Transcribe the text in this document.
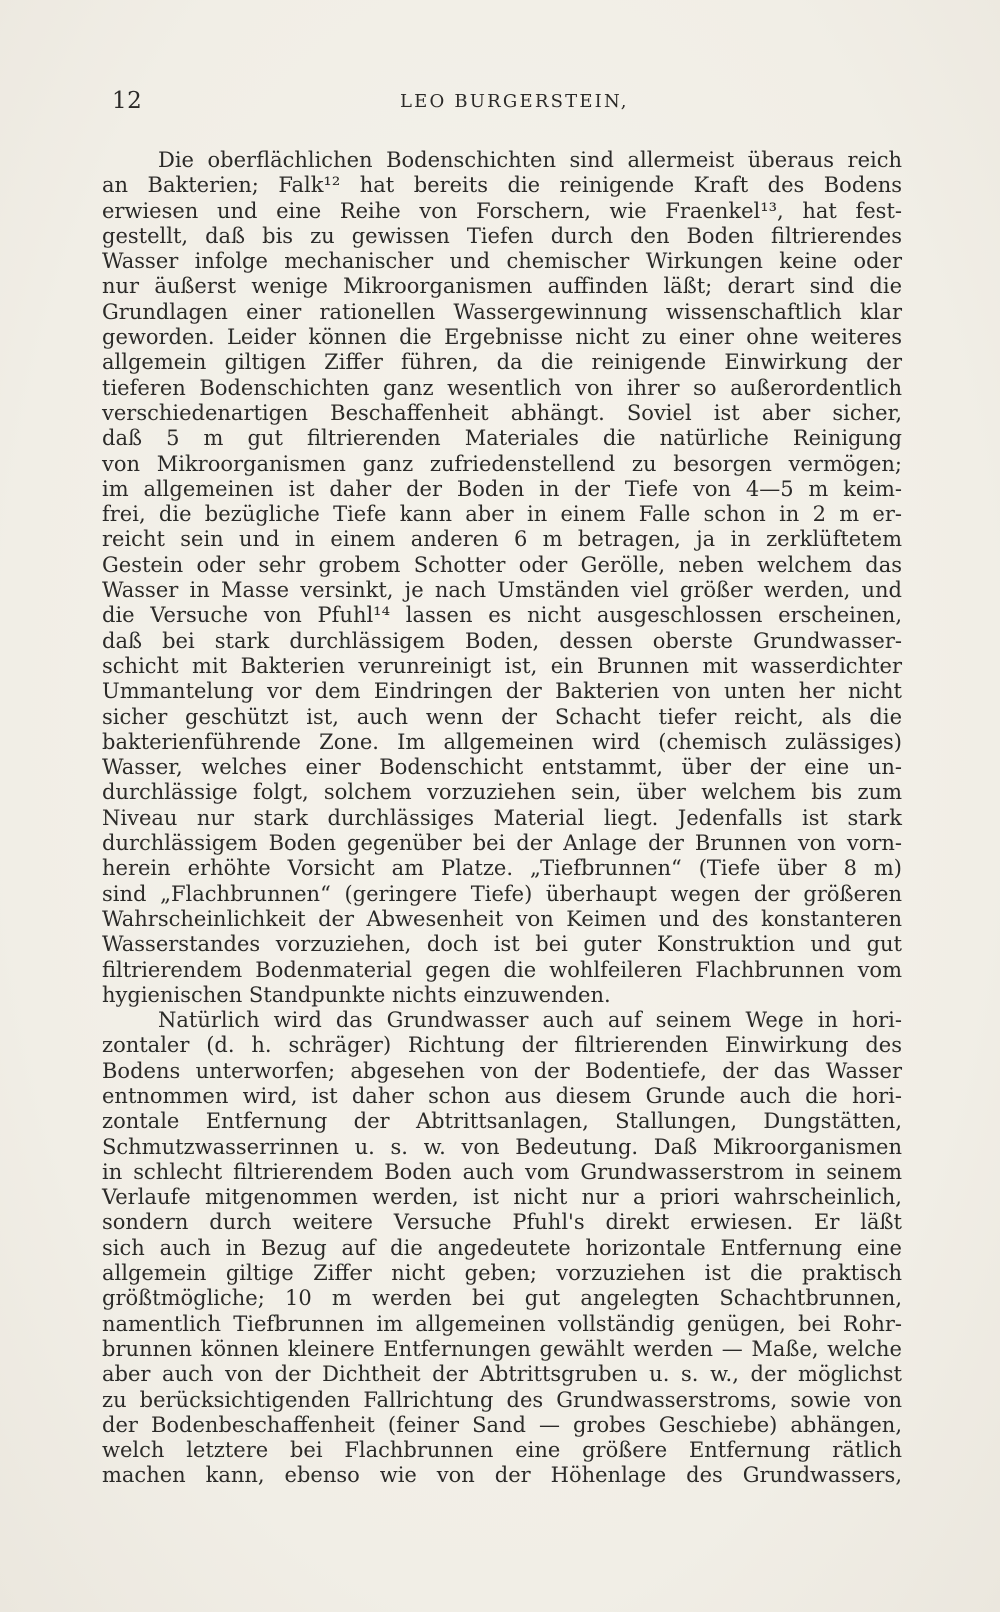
12	LEO BURGERSTEIN,
Die oberflächlichen Bodenschichten sind allermeist überaus reich
an Bakterien; Falk¹² hat bereits die reinigende Kraft des Bodens
erwiesen und eine Reihe von Forschern, wie Fraenkel¹³, hat fest-
gestellt, daß bis zu gewissen Tiefen durch den Boden filtrierendes
Wasser infolge mechanischer und chemischer Wirkungen keine oder
nur äußerst wenige Mikroorganismen auffinden läßt; derart sind die
Grundlagen einer rationellen Wassergewinnung wissenschaftlich klar
geworden. Leider können die Ergebnisse nicht zu einer ohne weiteres
allgemein giltigen Ziffer führen, da die reinigende Einwirkung der
tieferen Bodenschichten ganz wesentlich von ihrer so außerordentlich
verschiedenartigen Beschaffenheit abhängt. Soviel ist aber sicher,
daß 5 m gut filtrierenden Materiales die natürliche Reinigung
von Mikroorganismen ganz zufriedenstellend zu besorgen vermögen;
im allgemeinen ist daher der Boden in der Tiefe von 4—5 m keim-
frei, die bezügliche Tiefe kann aber in einem Falle schon in 2 m er-
reicht sein und in einem anderen 6 m betragen, ja in zerklüftetem
Gestein oder sehr grobem Schotter oder Gerölle, neben welchem das
Wasser in Masse versinkt, je nach Umständen viel größer werden, und
die Versuche von Pfuhl¹⁴ lassen es nicht ausgeschlossen erscheinen,
daß bei stark durchlässigem Boden, dessen oberste Grundwasser-
schicht mit Bakterien verunreinigt ist, ein Brunnen mit wasserdichter
Ummantelung vor dem Eindringen der Bakterien von unten her nicht
sicher geschützt ist, auch wenn der Schacht tiefer reicht, als die
bakterienführende Zone. Im allgemeinen wird (chemisch zulässiges)
Wasser, welches einer Bodenschicht entstammt, über der eine un-
durchlässige folgt, solchem vorzuziehen sein, über welchem bis zum
Niveau nur stark durchlässiges Material liegt. Jedenfalls ist stark
durchlässigem Boden gegenüber bei der Anlage der Brunnen von vorn-
herein erhöhte Vorsicht am Platze. „Tiefbrunnen“ (Tiefe über 8 m)
sind „Flachbrunnen“ (geringere Tiefe) überhaupt wegen der größeren
Wahrscheinlichkeit der Abwesenheit von Keimen und des konstanteren
Wasserstandes vorzuziehen, doch ist bei guter Konstruktion und gut
filtrierendem Bodenmaterial gegen die wohlfeileren Flachbrunnen vom
hygienischen Standpunkte nichts einzuwenden.
Natürlich wird das Grundwasser auch auf seinem Wege in hori-
zontaler (d. h. schräger) Richtung der filtrierenden Einwirkung des
Bodens unterworfen; abgesehen von der Bodentiefe, der das Wasser
entnommen wird, ist daher schon aus diesem Grunde auch die hori-
zontale Entfernung der Abtrittsanlagen, Stallungen, Dungstätten,
Schmutzwasserrinnen u. s. w. von Bedeutung. Daß Mikroorganismen
in schlecht filtrierendem Boden auch vom Grundwasserstrom in seinem
Verlaufe mitgenommen werden, ist nicht nur a priori wahrscheinlich,
sondern durch weitere Versuche Pfuhl's direkt erwiesen. Er läßt
sich auch in Bezug auf die angedeutete horizontale Entfernung eine
allgemein giltige Ziffer nicht geben; vorzuziehen ist die praktisch
größtmögliche; 10 m werden bei gut angelegten Schachtbrunnen,
namentlich Tiefbrunnen im allgemeinen vollständig genügen, bei Rohr-
brunnen können kleinere Entfernungen gewählt werden — Maße, welche
aber auch von der Dichtheit der Abtrittsgruben u. s. w., der möglichst
zu berücksichtigenden Fallrichtung des Grundwasserstroms, sowie von
der Bodenbeschaffenheit (feiner Sand — grobes Geschiebe) abhängen,
welch letztere bei Flachbrunnen eine größere Entfernung rätlich
machen kann, ebenso wie von der Höhenlage des Grundwassers,
